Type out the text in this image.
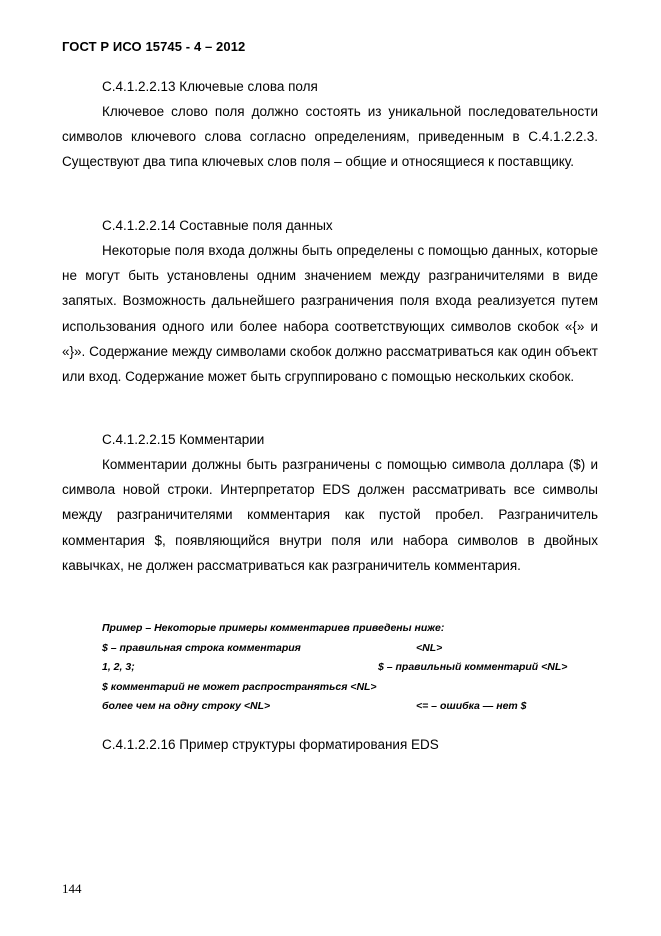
ГОСТ Р ИСО 15745 - 4 – 2012
С.4.1.2.2.13 Ключевые слова поля

Ключевое слово поля должно состоять из уникальной последовательности символов ключевого слова согласно определениям, приведенным в С.4.1.2.2.3. Существуют два типа ключевых слов поля – общие и относящиеся к поставщику.

С.4.1.2.2.14 Составные поля данных

Некоторые поля входа должны быть определены с помощью данных, которые не могут быть установлены одним значением между разграничителями в виде запятых. Возможность дальнейшего разграничения поля входа реализуется путем использования одного или более набора соответствующих символов скобок «{» и «}». Содержание между символами скобок должно рассматриваться как один объект или вход. Содержание может быть сгруппировано с помощью нескольких скобок.

С.4.1.2.2.15 Комментарии

Комментарии должны быть разграничены с помощью символа доллара ($) и символа новой строки. Интерпретатор EDS должен рассматривать все символы между разграничителями комментария как пустой пробел. Разграничитель комментария $, появляющийся внутри поля или набора символов в двойных кавычках, не должен рассматриваться как разграничитель комментария.

Пример – Некоторые примеры комментариев приведены ниже:
$ – правильная строка комментария	<NL>
1, 2, 3;	$ – правильный комментарий <NL>
$ комментарий не может распространяться <NL>
более чем на одну строку <NL>	<= – ошибка — нет $
С.4.1.2.2.16 Пример структуры форматирования EDS
144
